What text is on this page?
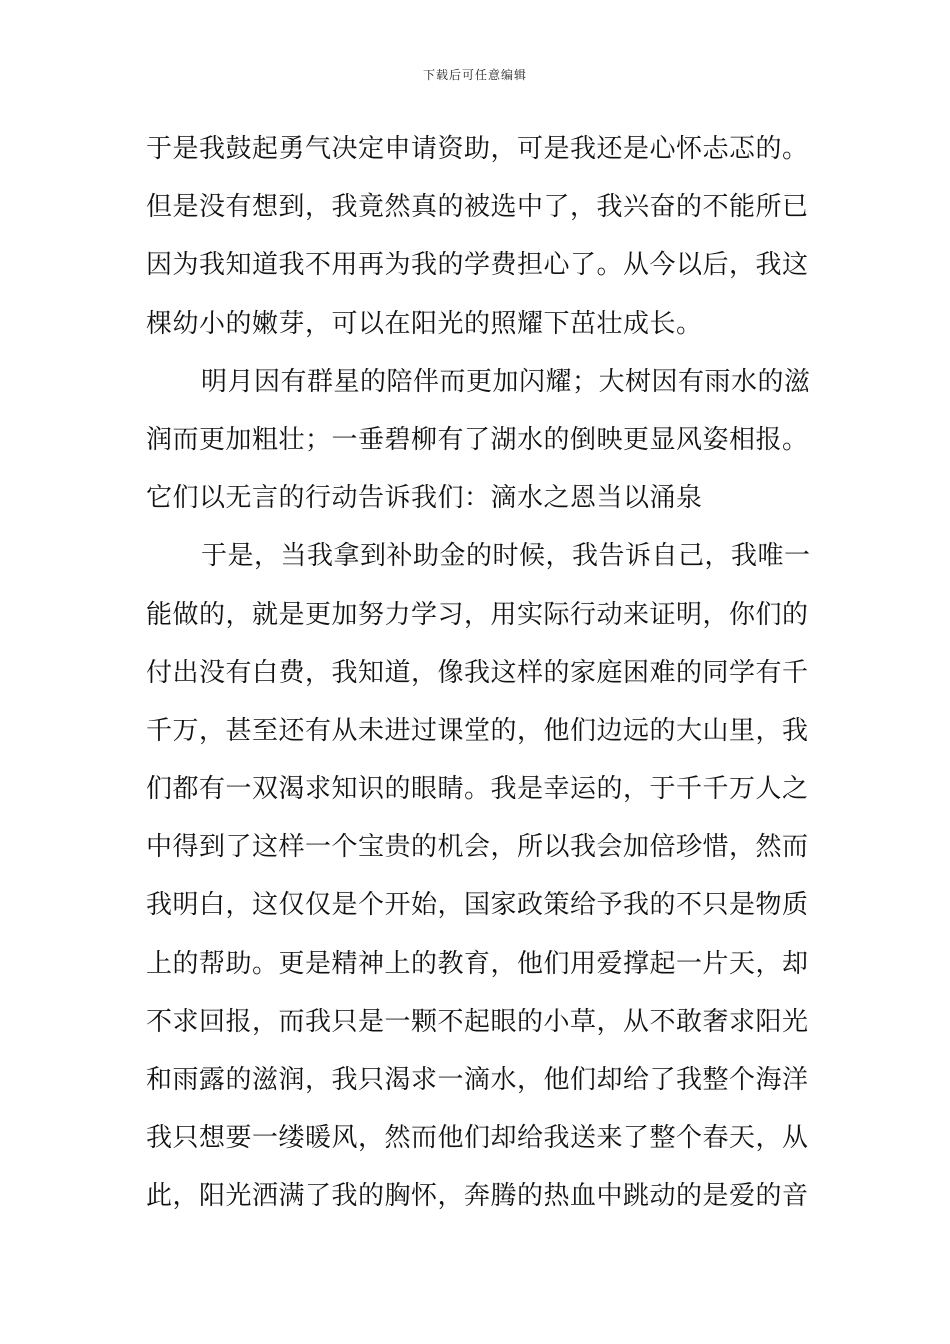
下载后可任意编辑
于是我鼓起勇气决定申请资助，可是我还是心怀忐忑的。
但是没有想到，我竟然真的被选中了，我兴奋的不能所已
因为我知道我不用再为我的学费担心了。从今以后，我这
棵幼小的嫩芽，可以在阳光的照耀下茁壮成长。
明月因有群星的陪伴而更加闪耀；大树因有雨水的滋
润而更加粗壮；一垂碧柳有了湖水的倒映更显风姿相报。
它们以无言的行动告诉我们：滴水之恩当以涌泉
于是，当我拿到补助金的时候，我告诉自己，我唯一
能做的，就是更加努力学习，用实际行动来证明，你们的
付出没有白费，我知道，像我这样的家庭困难的同学有千
千万，甚至还有从未进过课堂的，他们边远的大山里，我
们都有一双渴求知识的眼睛。我是幸运的，于千千万人之
中得到了这样一个宝贵的机会，所以我会加倍珍惜，然而
我明白，这仅仅是个开始，国家政策给予我的不只是物质
上的帮助。更是精神上的教育，他们用爱撑起一片天，却
不求回报，而我只是一颗不起眼的小草，从不敢奢求阳光
和雨露的滋润，我只渴求一滴水，他们却给了我整个海洋
我只想要一缕暖风，然而他们却给我送来了整个春天，从
此，阳光洒满了我的胸怀，奔腾的热血中跳动的是爱的音
